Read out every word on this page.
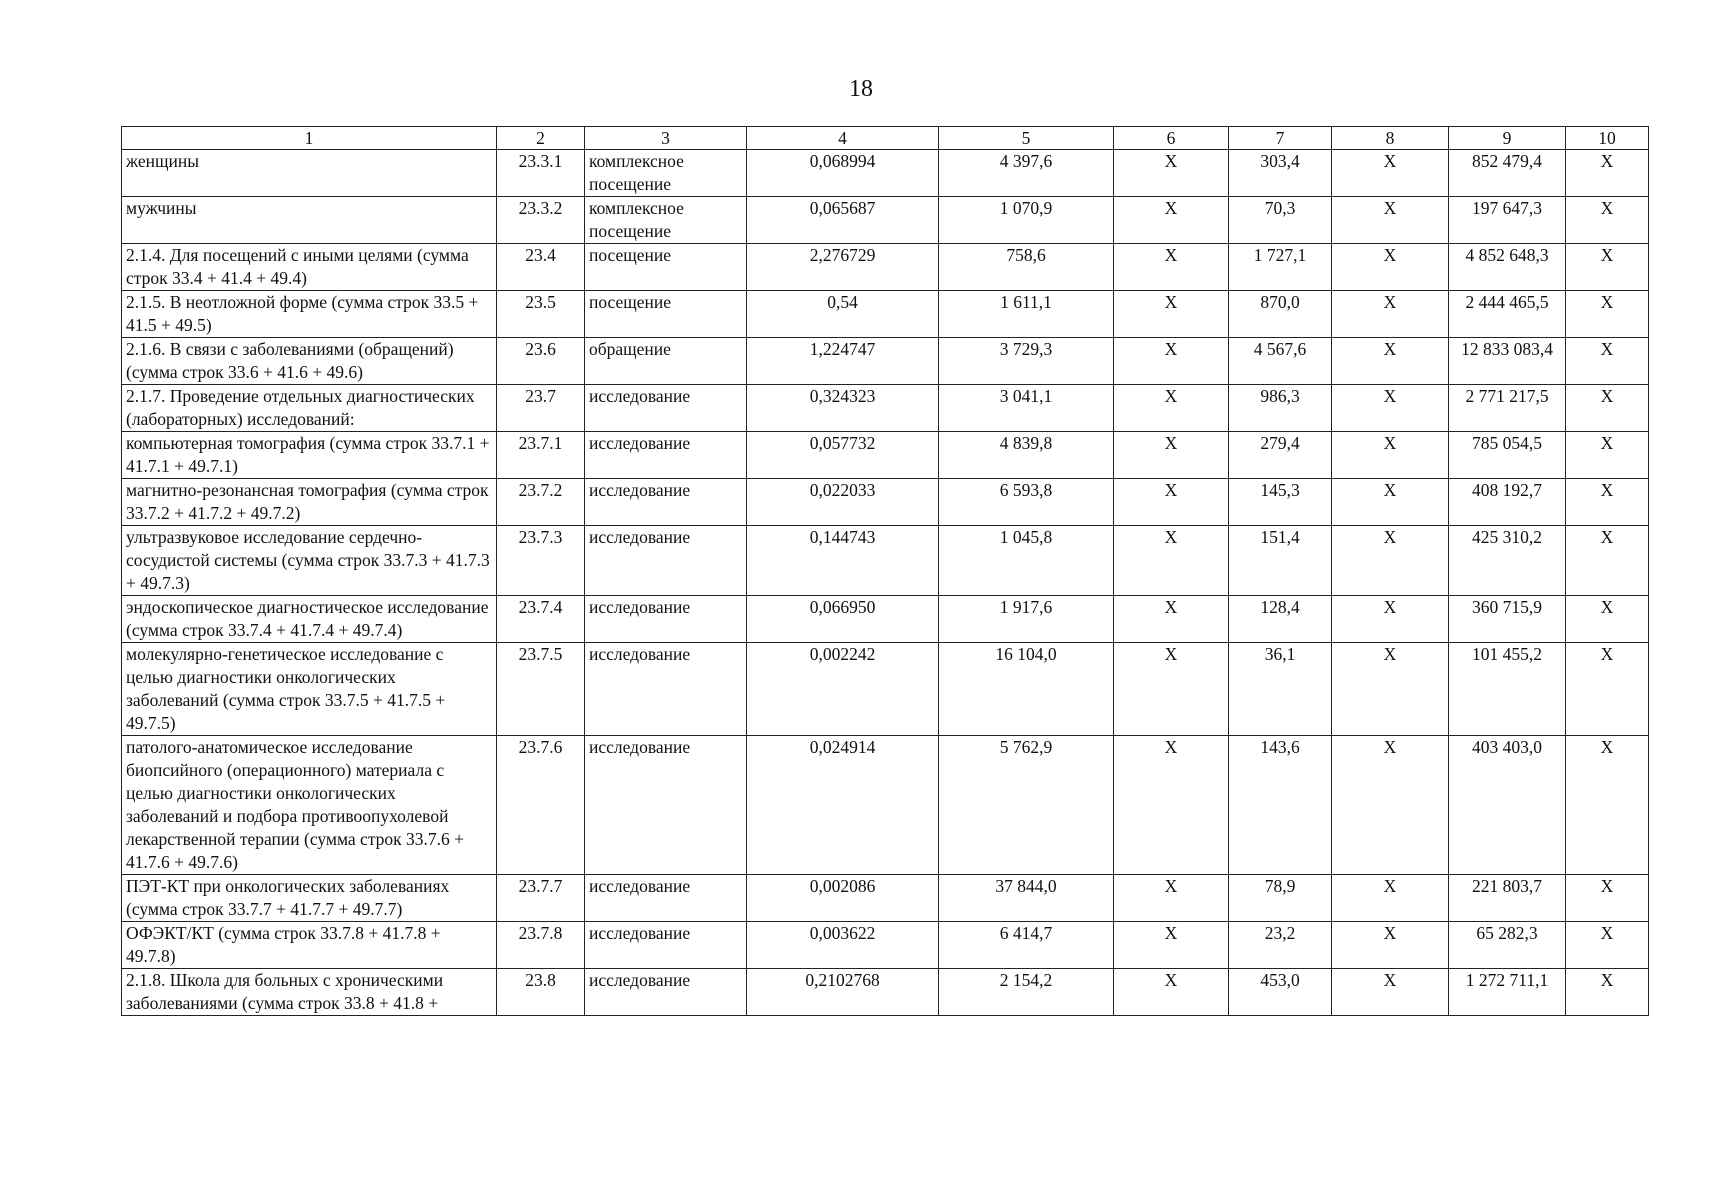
18
1	2	3	4	5	6	7	8	9	10
женщины	23.3.1	комплексное посещение	0,068994	4 397,6	Х	303,4	Х	852 479,4	Х
мужчины	23.3.2	комплексное посещение	0,065687	1 070,9	Х	70,3	Х	197 647,3	Х
2.1.4. Для посещений с иными целями (сумма строк 33.4 + 41.4 + 49.4)	23.4	посещение	2,276729	758,6	Х	1 727,1	Х	4 852 648,3	Х
2.1.5. В неотложной форме (сумма строк 33.5 + 41.5 + 49.5)	23.5	посещение	0,54	1 611,1	Х	870,0	Х	2 444 465,5	Х
2.1.6. В связи с заболеваниями (обращений) (сумма строк 33.6 + 41.6 + 49.6)	23.6	обращение	1,224747	3 729,3	Х	4 567,6	Х	12 833 083,4	Х
2.1.7. Проведение отдельных диагностических (лабораторных) исследований:	23.7	исследование	0,324323	3 041,1	Х	986,3	Х	2 771 217,5	Х
компьютерная томография (сумма строк 33.7.1 + 41.7.1 + 49.7.1)	23.7.1	исследование	0,057732	4 839,8	Х	279,4	Х	785 054,5	Х
магнитно-резонансная томография (сумма строк 33.7.2 + 41.7.2 + 49.7.2)	23.7.2	исследование	0,022033	6 593,8	Х	145,3	Х	408 192,7	Х
ультразвуковое исследование сердечно-сосудистой системы (сумма строк 33.7.3 + 41.7.3 + 49.7.3)	23.7.3	исследование	0,144743	1 045,8	Х	151,4	Х	425 310,2	Х
эндоскопическое диагностическое исследование (сумма строк 33.7.4 + 41.7.4 + 49.7.4)	23.7.4	исследование	0,066950	1 917,6	Х	128,4	Х	360 715,9	Х
молекулярно-генетическое исследование с целью диагностики онкологических заболеваний (сумма строк 33.7.5 + 41.7.5 + 49.7.5)	23.7.5	исследование	0,002242	16 104,0	Х	36,1	Х	101 455,2	Х
патолого-анатомическое исследование биопсийного (операционного) материала с целью диагностики онкологических заболеваний и подбора противоопухолевой лекарственной терапии (сумма строк 33.7.6 + 41.7.6 + 49.7.6)	23.7.6	исследование	0,024914	5 762,9	Х	143,6	Х	403 403,0	Х
ПЭТ-КТ при онкологических заболеваниях (сумма строк 33.7.7 + 41.7.7 + 49.7.7)	23.7.7	исследование	0,002086	37 844,0	Х	78,9	Х	221 803,7	Х
ОФЭКТ/КТ (сумма строк 33.7.8 + 41.7.8 + 49.7.8)	23.7.8	исследование	0,003622	6 414,7	Х	23,2	Х	65 282,3	Х
2.1.8. Школа для больных с хроническими заболеваниями (сумма строк 33.8 + 41.8 +	23.8	исследование	0,2102768	2 154,2	Х	453,0	Х	1 272 711,1	Х
